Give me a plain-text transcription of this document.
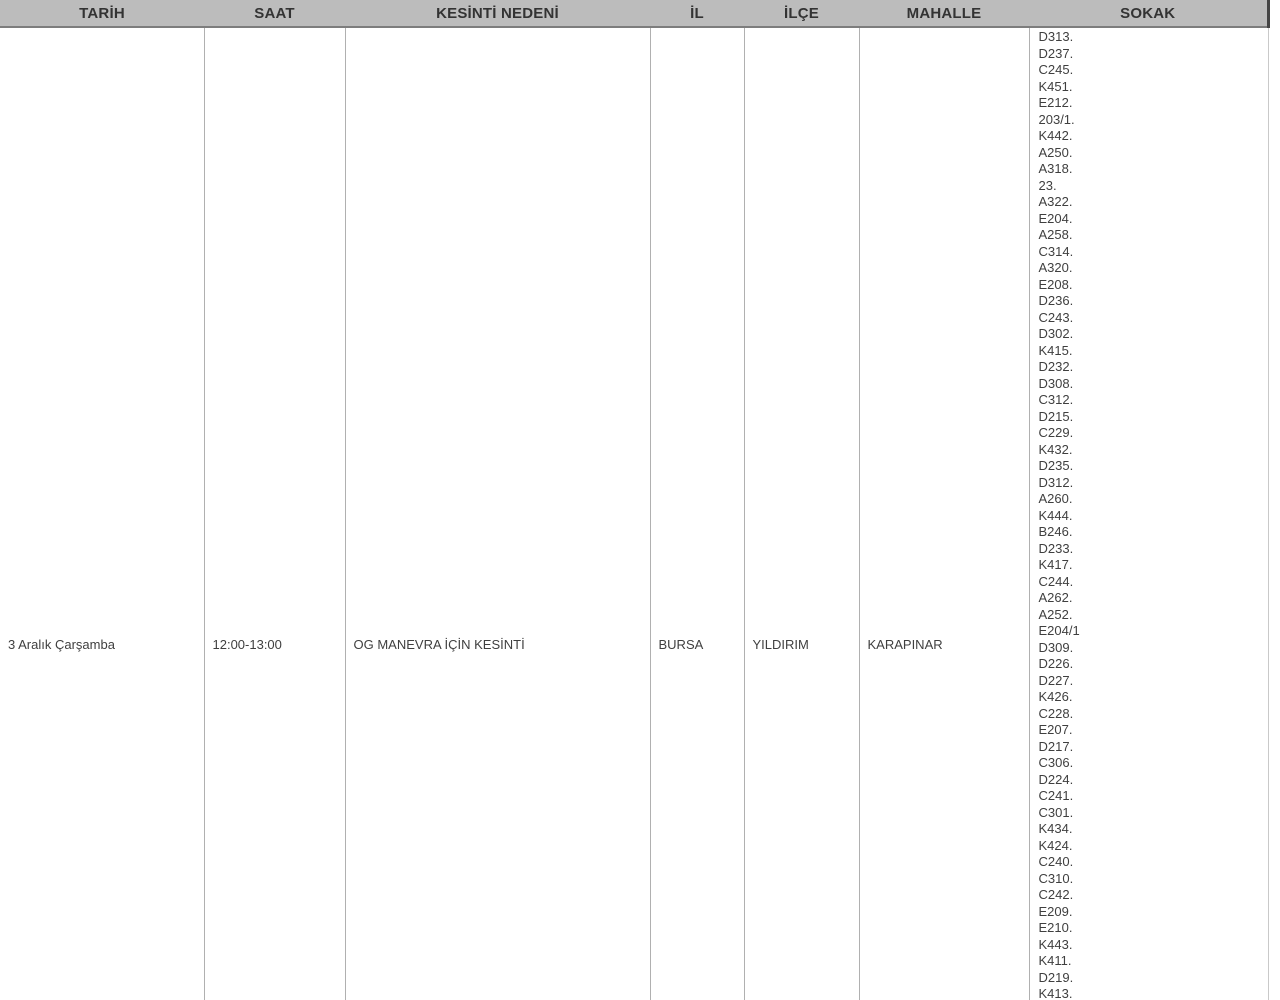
TARİH	SAAT	KESİNTİ NEDENİ	İL	İLÇE	MAHALLE	SOKAK
3 Aralık Çarşamba	12:00-13:00	OG MANEVRA İÇİN KESİNTİ	BURSA	YILDIRIM	KARAPINAR	
D313.
D237.
C245.
K451.
E212.
203/1.
K442.
A250.
A318.
23.
A322.
E204.
A258.
C314.
A320.
E208.
D236.
C243.
D302.
K415.
D232.
D308.
C312.
D215.
C229.
K432.
D235.
D312.
A260.
K444.
B246.
D233.
K417.
C244.
A262.
A252.
E204/1
D309.
D226.
D227.
K426.
C228.
E207.
D217.
C306.
D224.
C241.
C301.
K434.
K424.
C240.
C310.
C242.
E209.
E210.
K443.
K411.
D219.
K413.
